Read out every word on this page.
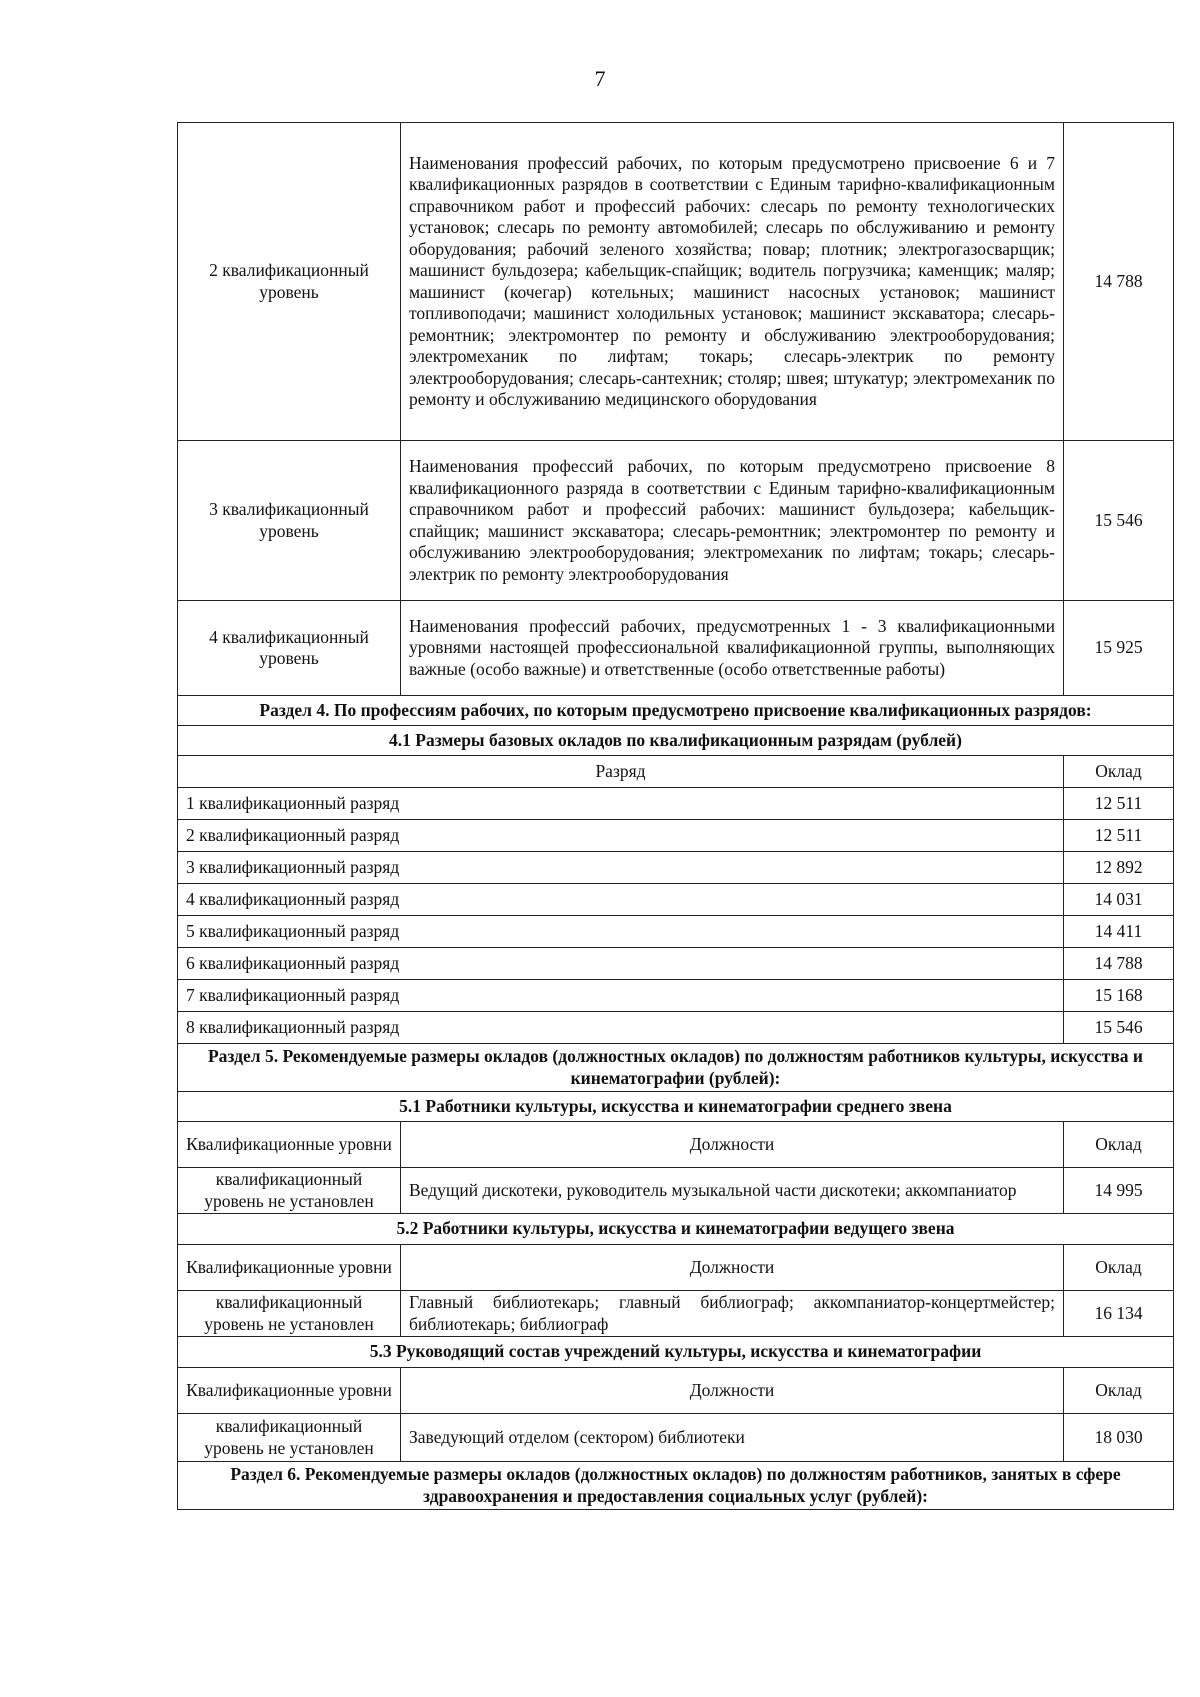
7
2 квалификационный уровень	Наименования профессий рабочих, по которым предусмотрено присвоение 6 и 7 квалификационных разрядов в соответствии с Единым тарифно-квалификационным справочником работ и профессий рабочих: слесарь по ремонту технологических установок; слесарь по ремонту автомобилей; слесарь по обслуживанию и ремонту оборудования; рабочий зеленого хозяйства; повар; плотник; электрогазосварщик; машинист бульдозера; кабельщик-спайщик; водитель погрузчика; каменщик; маляр; машинист (кочегар) котельных; машинист насосных установок; машинист топливоподачи; машинист холодильных установок; машинист экскаватора; слесарь-ремонтник; электромонтер по ремонту и обслуживанию электрооборудования; электромеханик по лифтам; токарь; слесарь-электрик по ремонту электрооборудования; слесарь-сантехник; столяр; швея; штукатур; электромеханик по ремонту и обслуживанию медицинского оборудования	14 788
3 квалификационный уровень	Наименования профессий рабочих, по которым предусмотрено присвоение 8 квалификационного разряда в соответствии с Единым тарифно-квалификационным справочником работ и профессий рабочих: машинист бульдозера; кабельщик-спайщик; машинист экскаватора; слесарь-ремонтник; электромонтер по ремонту и обслуживанию электрооборудования; электромеханик по лифтам; токарь; слесарь-электрик по ремонту электрооборудования	15 546
4 квалификационный уровень	Наименования профессий рабочих, предусмотренных 1 - 3 квалификационными уровнями настоящей профессиональной квалификационной группы, выполняющих важные (особо важные) и ответственные (особо ответственные работы)	15 925
Раздел 4. По профессиям рабочих, по которым предусмотрено присвоение квалификационных разрядов:		
4.1 Размеры базовых окладов по квалификационным разрядам (рублей)		
Разряд		Оклад
1 квалификационный разряд		12 511
2 квалификационный разряд		12 511
3 квалификационный разряд		12 892
4 квалификационный разряд		14 031
5 квалификационный разряд		14 411
6 квалификационный разряд		14 788
7 квалификационный разряд		15 168
8 квалификационный разряд		15 546
Раздел 5. Рекомендуемые размеры окладов (должностных окладов) по должностям работников культуры, искусства и кинематографии (рублей):		
5.1 Работники культуры, искусства и кинематографии среднего звена		
Квалификационные уровни	Должности	Оклад
квалификационный уровень не установлен	Ведущий дискотеки, руководитель музыкальной части дискотеки; аккомпаниатор	14 995
5.2 Работники культуры, искусства и кинематографии ведущего звена		
Квалификационные уровни	Должности	Оклад
квалификационный уровень не установлен	Главный библиотекарь; главный библиограф; аккомпаниатор-концертмейстер; библиотекарь; библиограф	16 134
5.3 Руководящий состав учреждений культуры, искусства и кинематографии		
Квалификационные уровни	Должности	Оклад
квалификационный уровень не установлен	Заведующий отделом (сектором) библиотеки	18 030
Раздел 6. Рекомендуемые размеры окладов (должностных окладов) по должностям работников, занятых в сфере здравоохранения и предоставления социальных услуг (рублей):		
